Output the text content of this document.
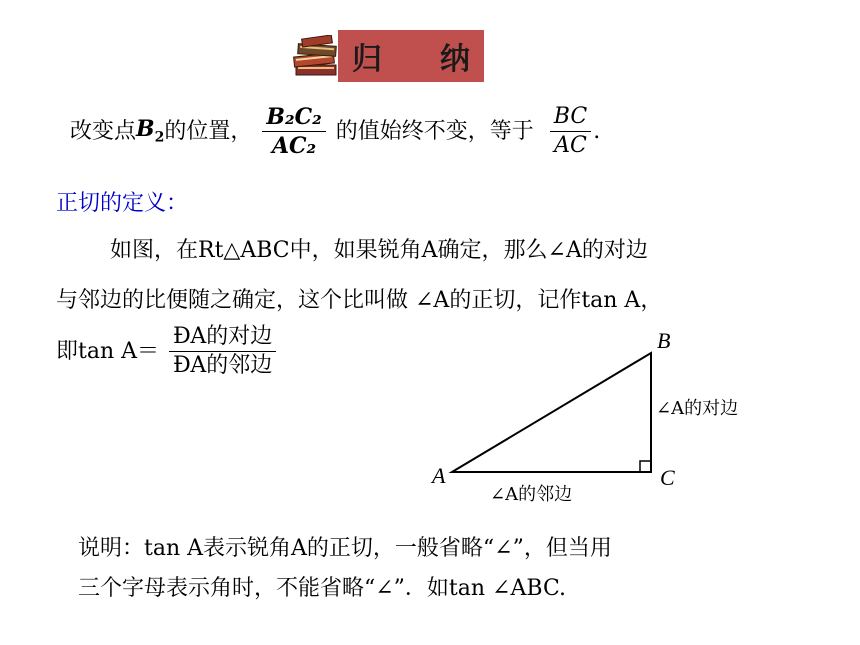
归 纳
改变点 $B_2$ 的位置， $\frac{\text{B₂C₂}}{\text{AC₂}}$ 的值始终不变，等于 $\frac{BC}{AC}$ .
正切的定义：
如图，在Rt△ABC中，如果锐角A确定，那么∠A的对边
与邻边的比便随之确定，这个比叫做 ∠A的正切，记作tan A，
即$\tan A= \frac{\text{ÐA的对边}}{\text{ÐA的邻边}}$
A
B
C
∠A的对边
∠A的邻边
说明：tan A表示锐角A的正切，一般省略“∠”，但当用
三个字母表示角时，不能省略“∠”．如tan ∠ABC.
